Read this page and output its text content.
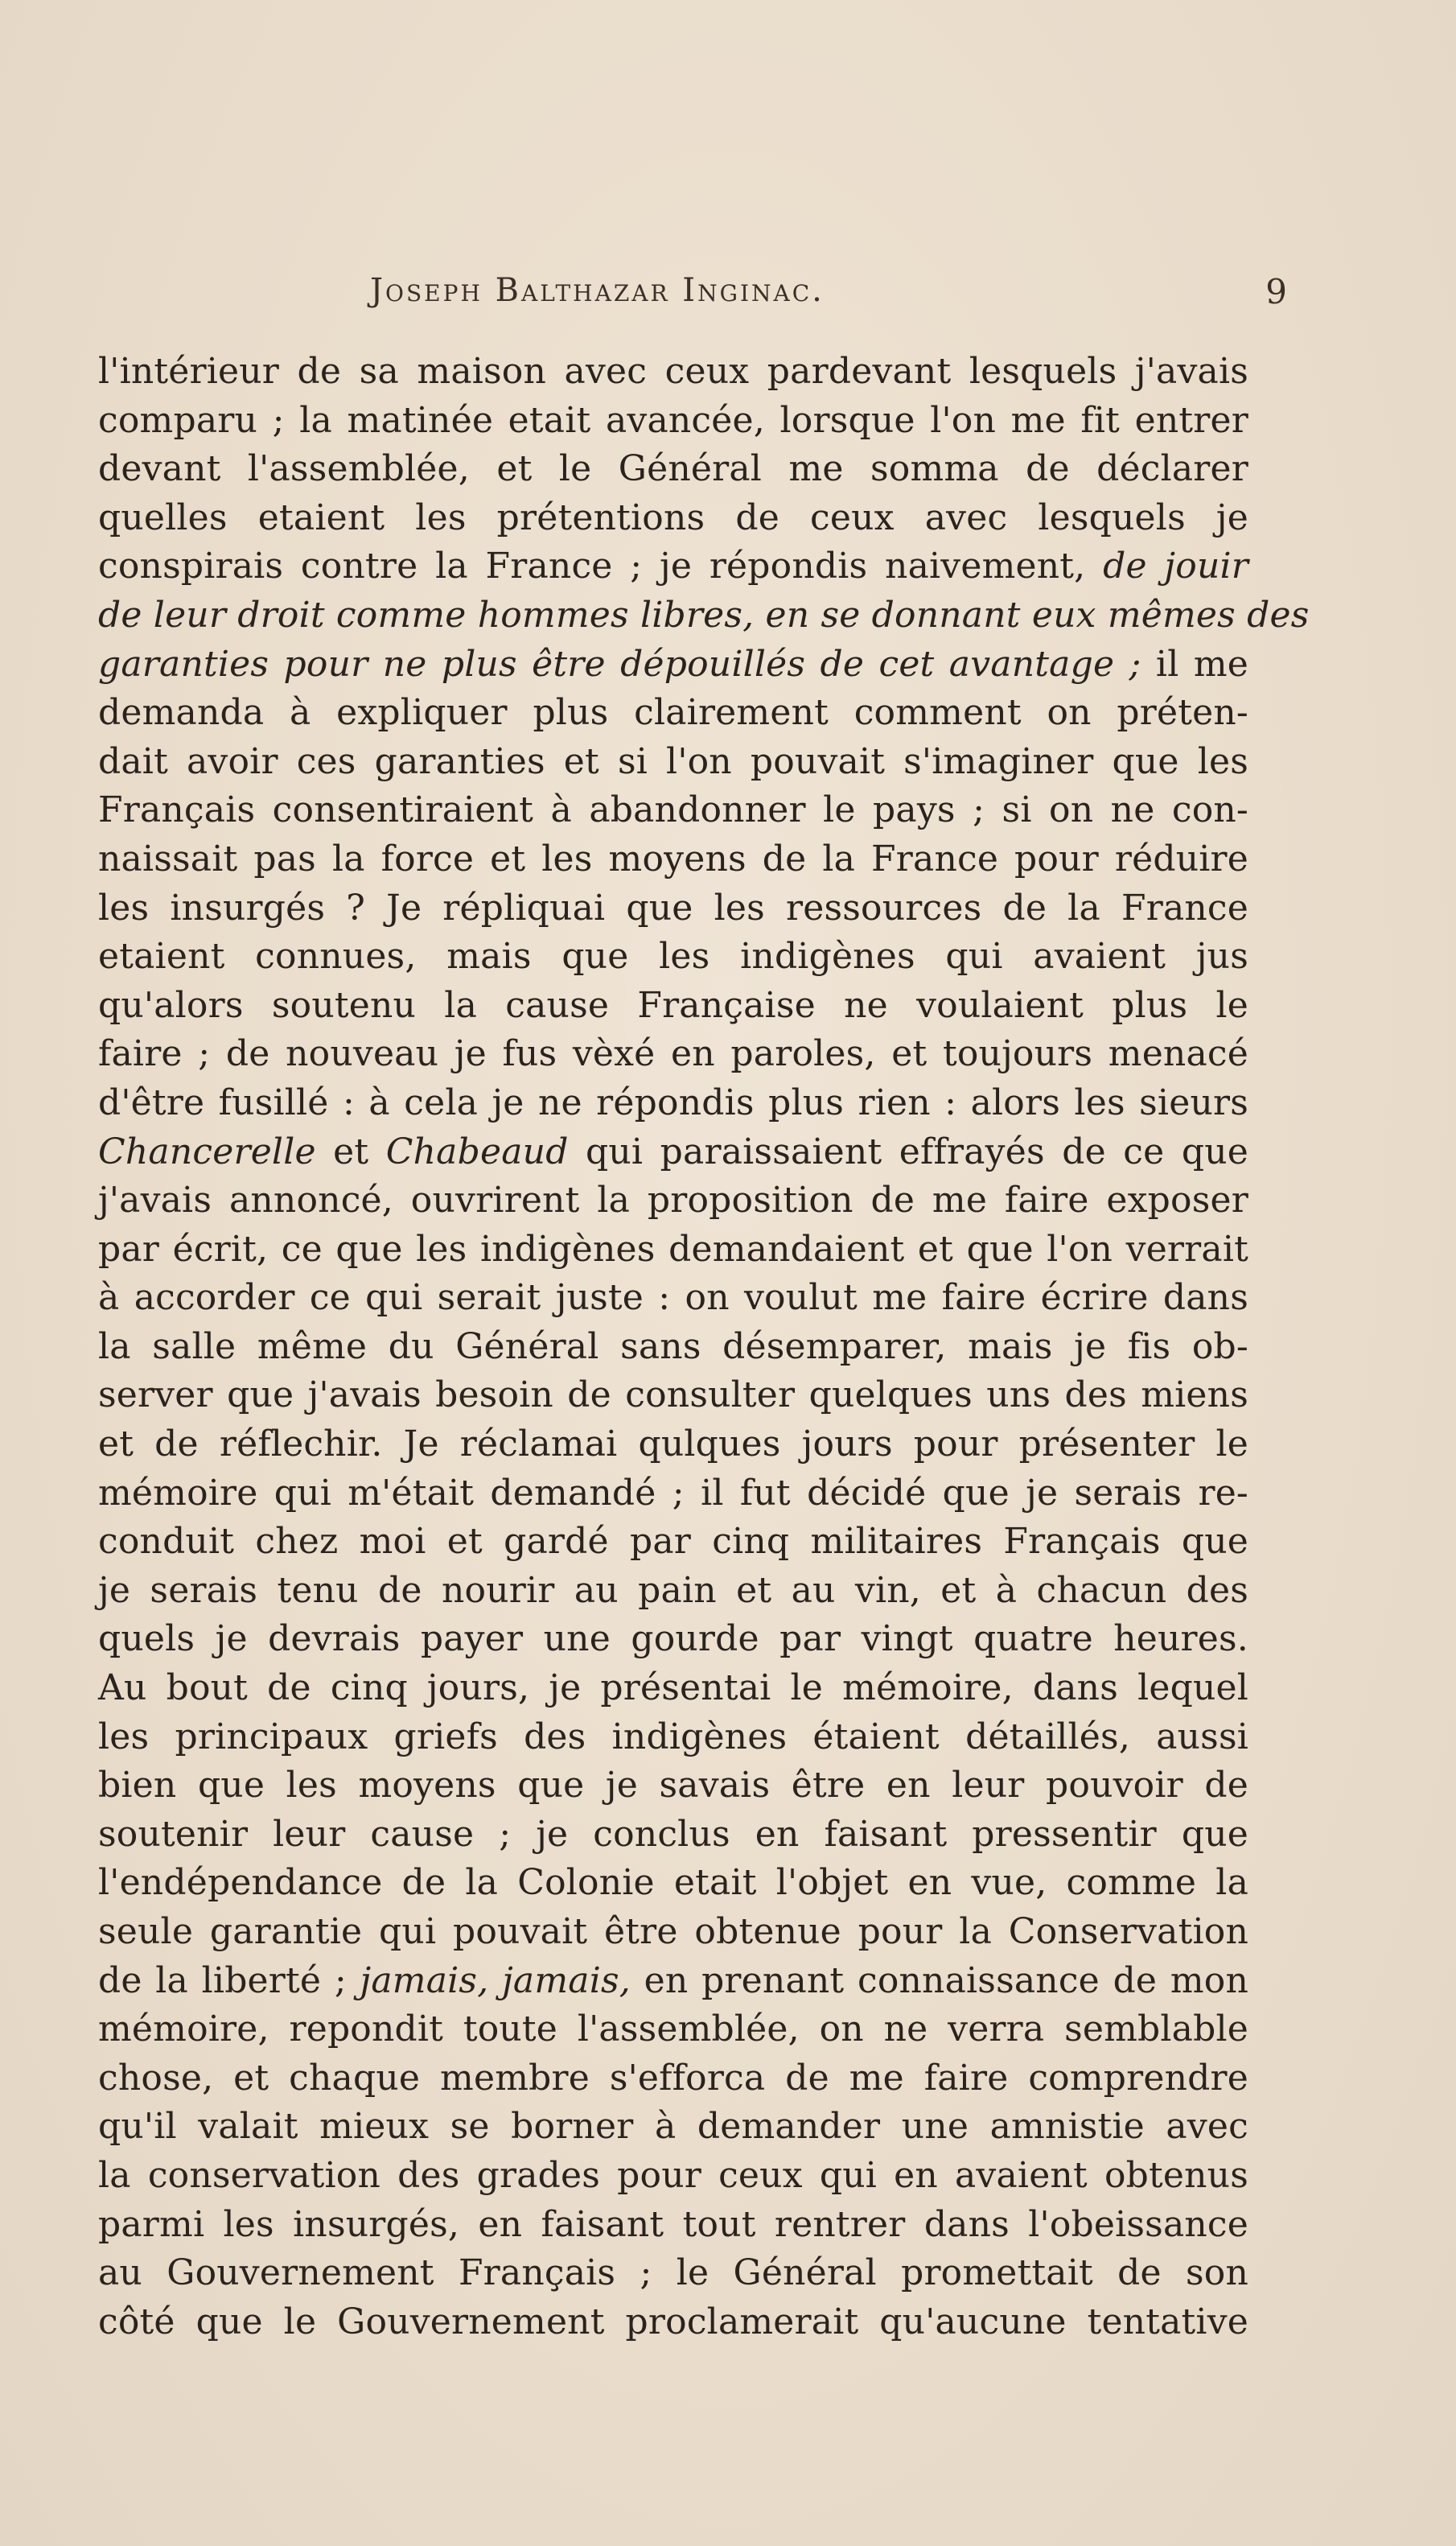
Joseph Balthazar Inginac.	9
l'intérieur de sa maison avec ceux pardevant lesquels j'avais
comparu ; la matinée etait avancée, lorsque l'on me fit entrer
devant l'assemblée, et le Général me somma de déclarer
quelles etaient les prétentions de ceux avec lesquels je
conspirais contre la France ; je répondis naivement, de jouir
de leur droit comme hommes libres, en se donnant eux mêmes des
garanties pour ne plus être dépouillés de cet avantage ; il me
demanda à expliquer plus clairement comment on préten-
dait avoir ces garanties et si l'on pouvait s'imaginer que les
Français consentiraient à abandonner le pays ; si on ne con-
naissait pas la force et les moyens de la France pour réduire
les insurgés ? Je répliquai que les ressources de la France
etaient connues, mais que les indigènes qui avaient jus
qu'alors soutenu la cause Française ne voulaient plus le
faire ; de nouveau je fus vèxé en paroles, et toujours menacé
d'être fusillé : à cela je ne répondis plus rien : alors les sieurs
Chancerelle et Chabeaud qui paraissaient effrayés de ce que
j'avais annoncé, ouvrirent la proposition de me faire exposer
par écrit, ce que les indigènes demandaient et que l'on verrait
à accorder ce qui serait juste : on voulut me faire écrire dans
la salle même du Général sans désemparer, mais je fis ob-
server que j'avais besoin de consulter quelques uns des miens
et de réflechir. Je réclamai qulques jours pour présenter le
mémoire qui m'était demandé ; il fut décidé que je serais re-
conduit chez moi et gardé par cinq militaires Français que
je serais tenu de nourir au pain et au vin, et à chacun des
quels je devrais payer une gourde par vingt quatre heures.
Au bout de cinq jours, je présentai le mémoire, dans lequel
les principaux griefs des indigènes étaient détaillés, aussi
bien que les moyens que je savais être en leur pouvoir de
soutenir leur cause ; je conclus en faisant pressentir que
l'endépendance de la Colonie etait l'objet en vue, comme la
seule garantie qui pouvait être obtenue pour la Conservation
de la liberté ; jamais, jamais, en prenant connaissance de mon
mémoire, repondit toute l'assemblée, on ne verra semblable
chose, et chaque membre s'efforca de me faire comprendre
qu'il valait mieux se borner à demander une amnistie avec
la conservation des grades pour ceux qui en avaient obtenus
parmi les insurgés, en faisant tout rentrer dans l'obeissance
au Gouvernement Français ; le Général promettait de son
côté que le Gouvernement proclamerait qu'aucune tentative
